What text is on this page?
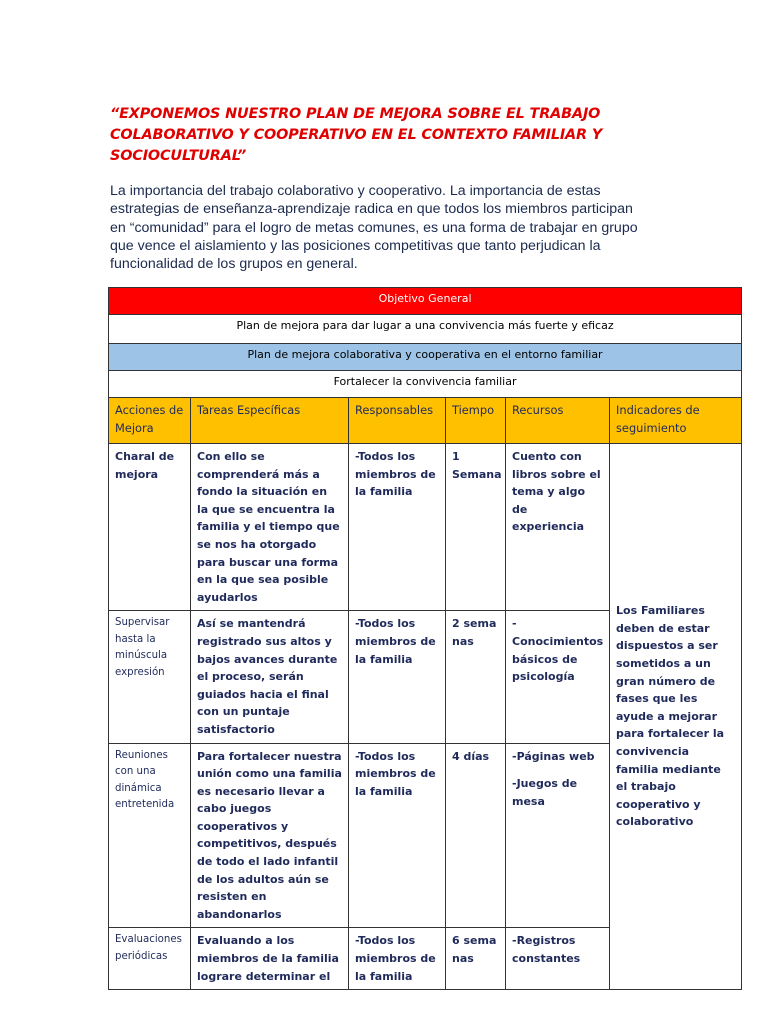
“EXPONEMOS NUESTRO PLAN DE MEJORA SOBRE EL TRABAJO COLABORATIVO Y COOPERATIVO EN EL CONTEXTO FAMILIAR Y SOCIOCULTURAL”
La importancia del trabajo colaborativo y cooperativo. La importancia de estas estrategias de enseñanza-aprendizaje radica en que todos los miembros participan en “comunidad” para el logro de metas comunes, es una forma de trabajar en grupo que vence el aislamiento y las posiciones competitivas que tanto perjudican la funcionalidad de los grupos en general.
Objetivo General					
Plan de mejora para dar lugar a una convivencia más fuerte y eficaz					
Plan de mejora colaborativa y cooperativa en el entorno familiar					
Fortalecer la convivencia familiar					
Acciones de Mejora	Tareas Específicas	Responsables	Tiempo	Recursos	Indicadores de seguimiento
Charal de mejora	Con ello se comprenderá más a fondo la situación en la que se encuentra la familia y el tiempo que se nos ha otorgado para buscar una forma en la que sea posible ayudarlos	-Todos los miembros de la familia	1 Semana	Cuento con libros sobre el tema y algo de experiencia	Los Familiares deben de estar dispuestos a ser sometidos a un gran número de fases que les ayude a mejorar para fortalecer la convivencia familia mediante el trabajo cooperativo y colaborativo
Supervisar hasta la minúscula expresión	Así se mantendrá registrado sus altos y bajos avances durante el proceso, serán guiados hacia el final con un puntaje satisfactorio	-Todos los miembros de la familia	2 semanas	-Conocimientos básicos de psicología	
Reuniones con una dinámica entretenida	Para fortalecer nuestra unión como una familia es necesario llevar a cabo juegos cooperativos y competitivos, después de todo el lado infantil de los adultos aún se resisten en abandonarlos	-Todos los miembros de la familia	4 días	-Páginas web
-Juegos de mesa	

Evaluaciones periódicas	Evaluando a los miembros de la familia lograre determinar el	-Todos los miembros de la familia	6 semanas	-Registros constantes	
